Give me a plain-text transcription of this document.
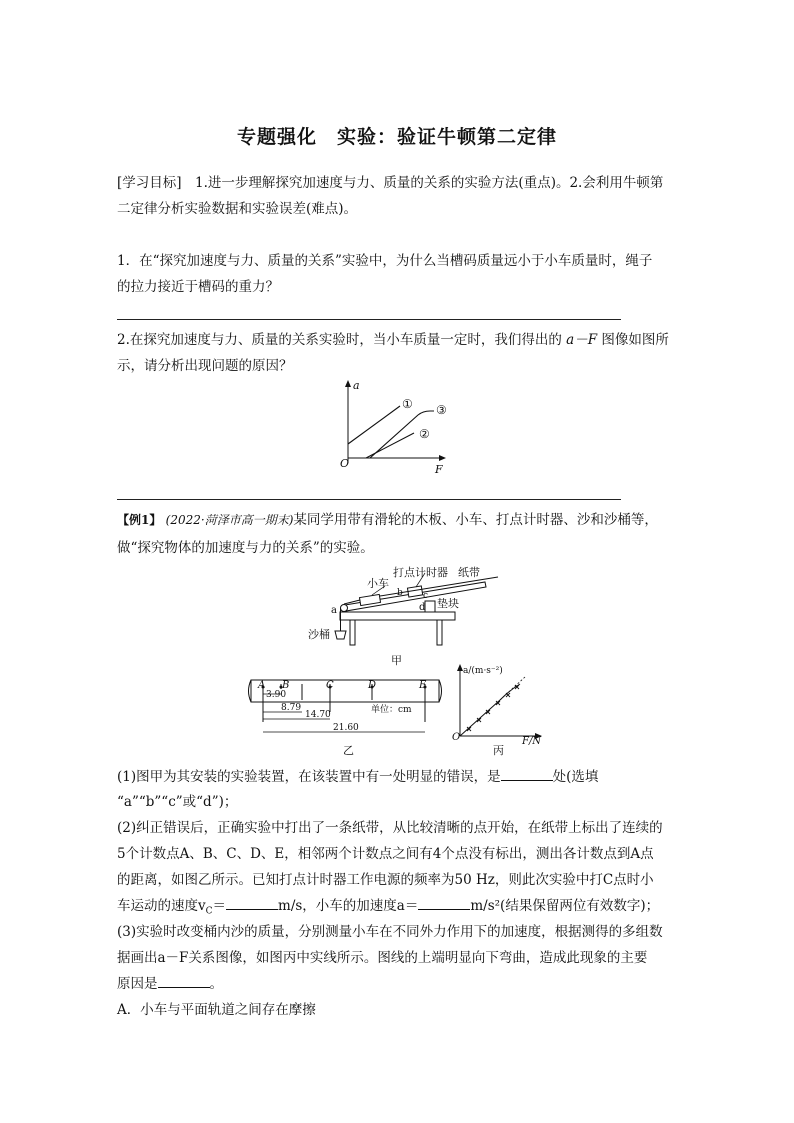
专题强化　实验：验证牛顿第二定律
[学习目标]　 1.进一步理解探究加速度与力、质量的关系的实验方法(重点)。2.会利用牛顿第
二定律分析实验数据和实验误差(难点)。
1．在“探究加速度与力、质量的关系”实验中，为什么当槽码质量远小于小车质量时，绳子
的拉力接近于槽码的重力？
2.在探究加速度与力、质量的关系实验时，当小车质量一定时，我们得出的 a－F 图像如图所
示，请分析出现问题的原因？
a
F
O
①
②
③
【例1】 (2022·菏泽市高一期末)某同学用带有滑轮的木板、小车、打点计时器、沙和沙桶等，
做“探究物体的加速度与力的关系”的实验。
小车
打点计时器 纸带
垫块
沙桶
a
b c
d
甲
A B	C	D	E
3.90
8.79
14.70
21.60
单位：cm
乙
a/(m·s⁻²)
F/N
O
丙
(1)图甲为其安装的实验装置，在该装置中有一处明显的错误，是	处(选填
“a”“b”“c”或“d”)；
(2)纠正错误后，正确实验中打出了一条纸带，从比较清晰的点开始，在纸带上标出了连续的
5个计数点A、B、C、D、E，相邻两个计数点之间有4个点没有标出，测出各计数点到A点
的距离，如图乙所示。已知打点计时器工作电源的频率为50 Hz，则此次实验中打C点时小
车运动的速度$v_C=$	m/s，小车的加速度a＝	m/s²(结果保留两位有效数字)；
(3)实验时改变桶内沙的质量，分别测量小车在不同外力作用下的加速度，根据测得的多组数
据画出a－F关系图像，如图丙中实线所示。图线的上端明显向下弯曲，造成此现象的主要
原因是	。
A．小车与平面轨道之间存在摩擦
